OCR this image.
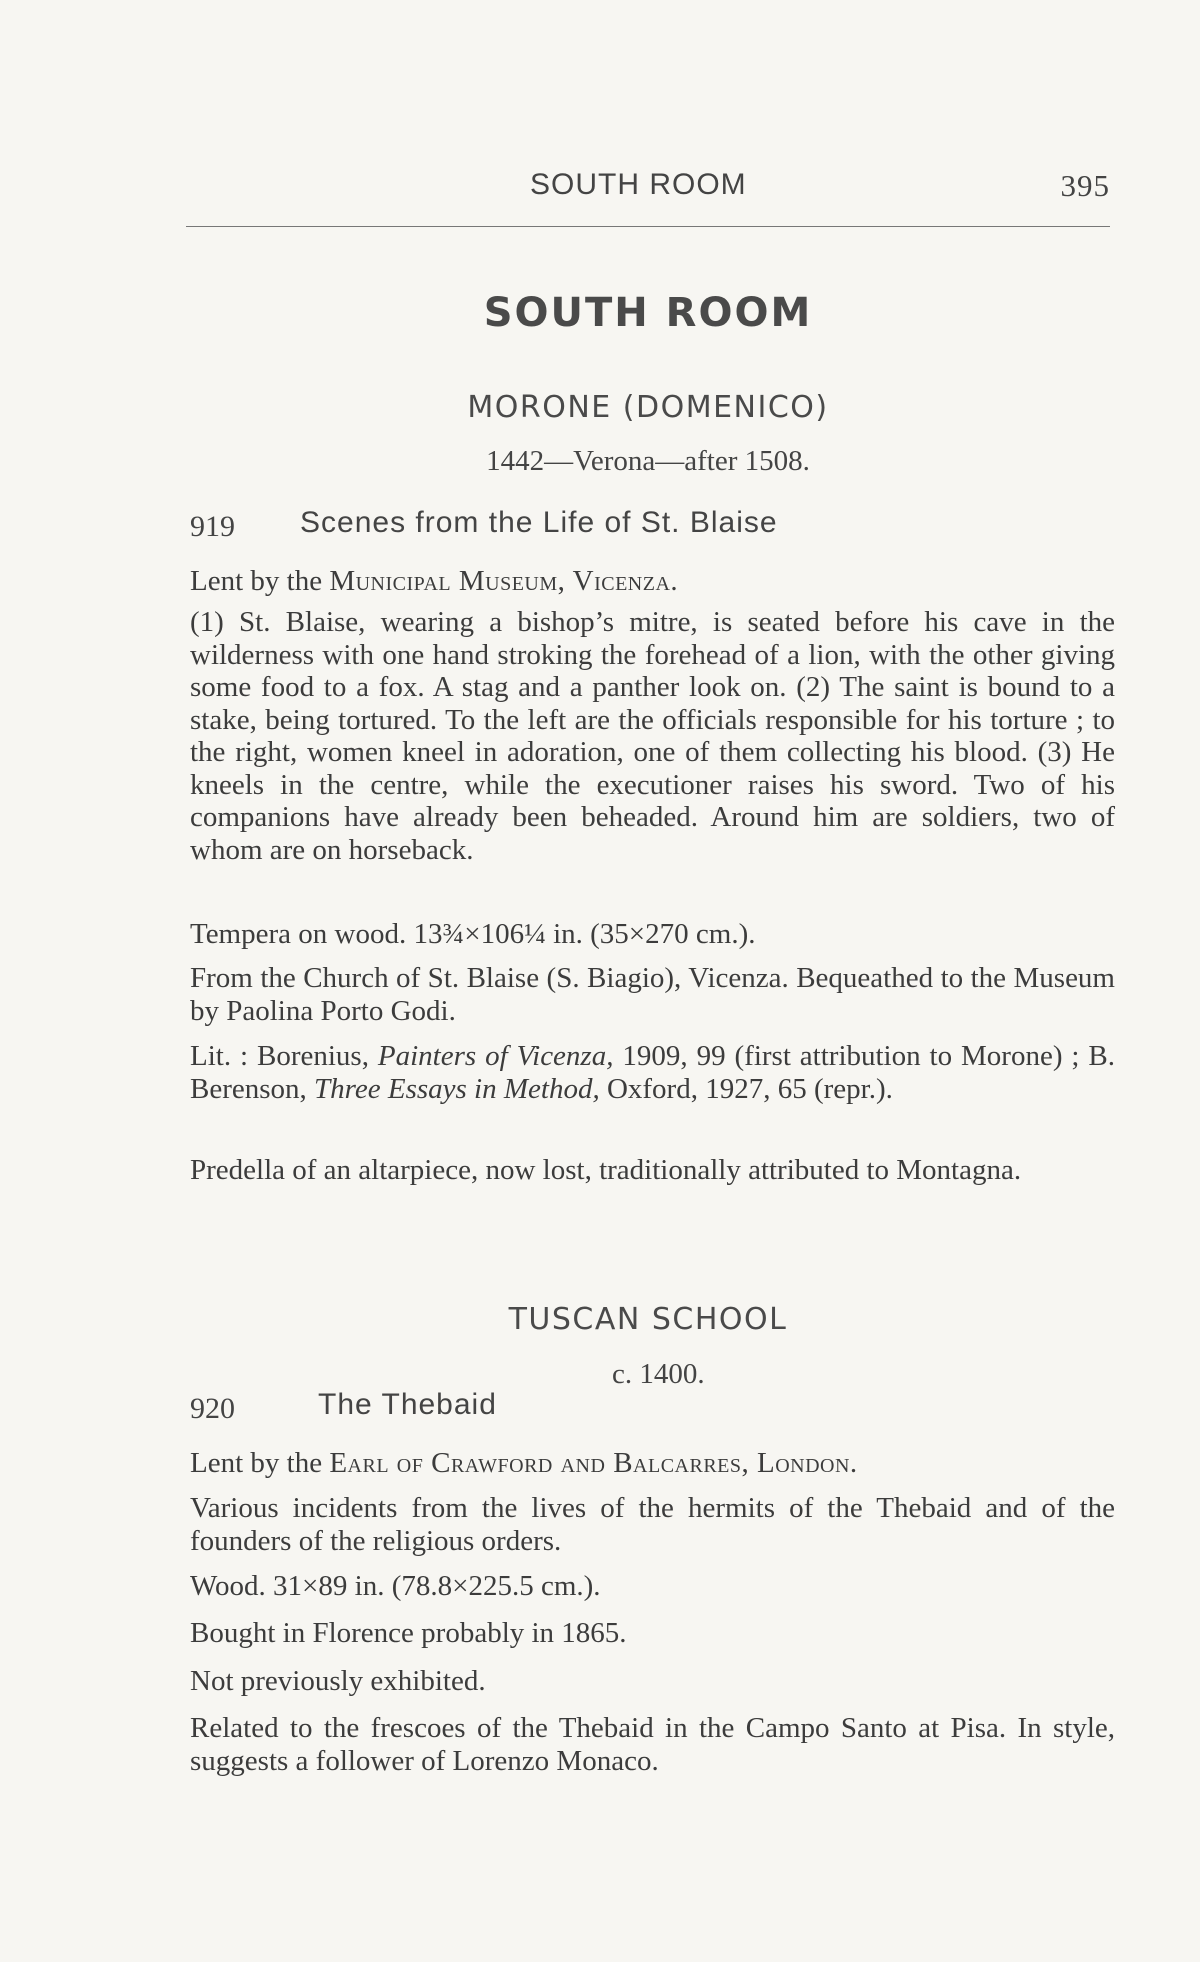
SOUTH ROOM	395
SOUTH ROOM
MORONE (DOMENICO)
1442—Verona—after 1508.
919 Scenes from the Life of St. Blaise
Lent by the Municipal Museum, Vicenza.
(1) St. Blaise, wearing a bishop’s mitre, is seated before his cave in the wilderness with one hand stroking the forehead of a lion, with the other giving some food to a fox. A stag and a panther look on. (2) The saint is bound to a stake, being tortured. To the left are the officials responsible for his torture ; to the right, women kneel in adoration, one of them collecting his blood. (3) He kneels in the centre, while the executioner raises his sword. Two of his companions have already been beheaded. Around him are soldiers, two of whom are on horseback.
Tempera on wood. 13¾×106¼ in. (35×270 cm.).
From the Church of St. Blaise (S. Biagio), Vicenza. Bequeathed to the Museum by Paolina Porto Godi.
Lit. : Borenius, Painters of Vicenza, 1909, 99 (first attribution to Morone) ; B. Berenson, Three Essays in Method, Oxford, 1927, 65 (repr.).
Predella of an altarpiece, now lost, traditionally attributed to Montagna.
TUSCAN SCHOOL
c. 1400.
920	The Thebaid
Lent by the Earl of Crawford and Balcarres, London.
Various incidents from the lives of the hermits of the Thebaid and of the founders of the religious orders.
Wood. 31×89 in. (78.8×225.5 cm.).
Bought in Florence probably in 1865.
Not previously exhibited.
Related to the frescoes of the Thebaid in the Campo Santo at Pisa. In style, suggests a follower of Lorenzo Monaco.
